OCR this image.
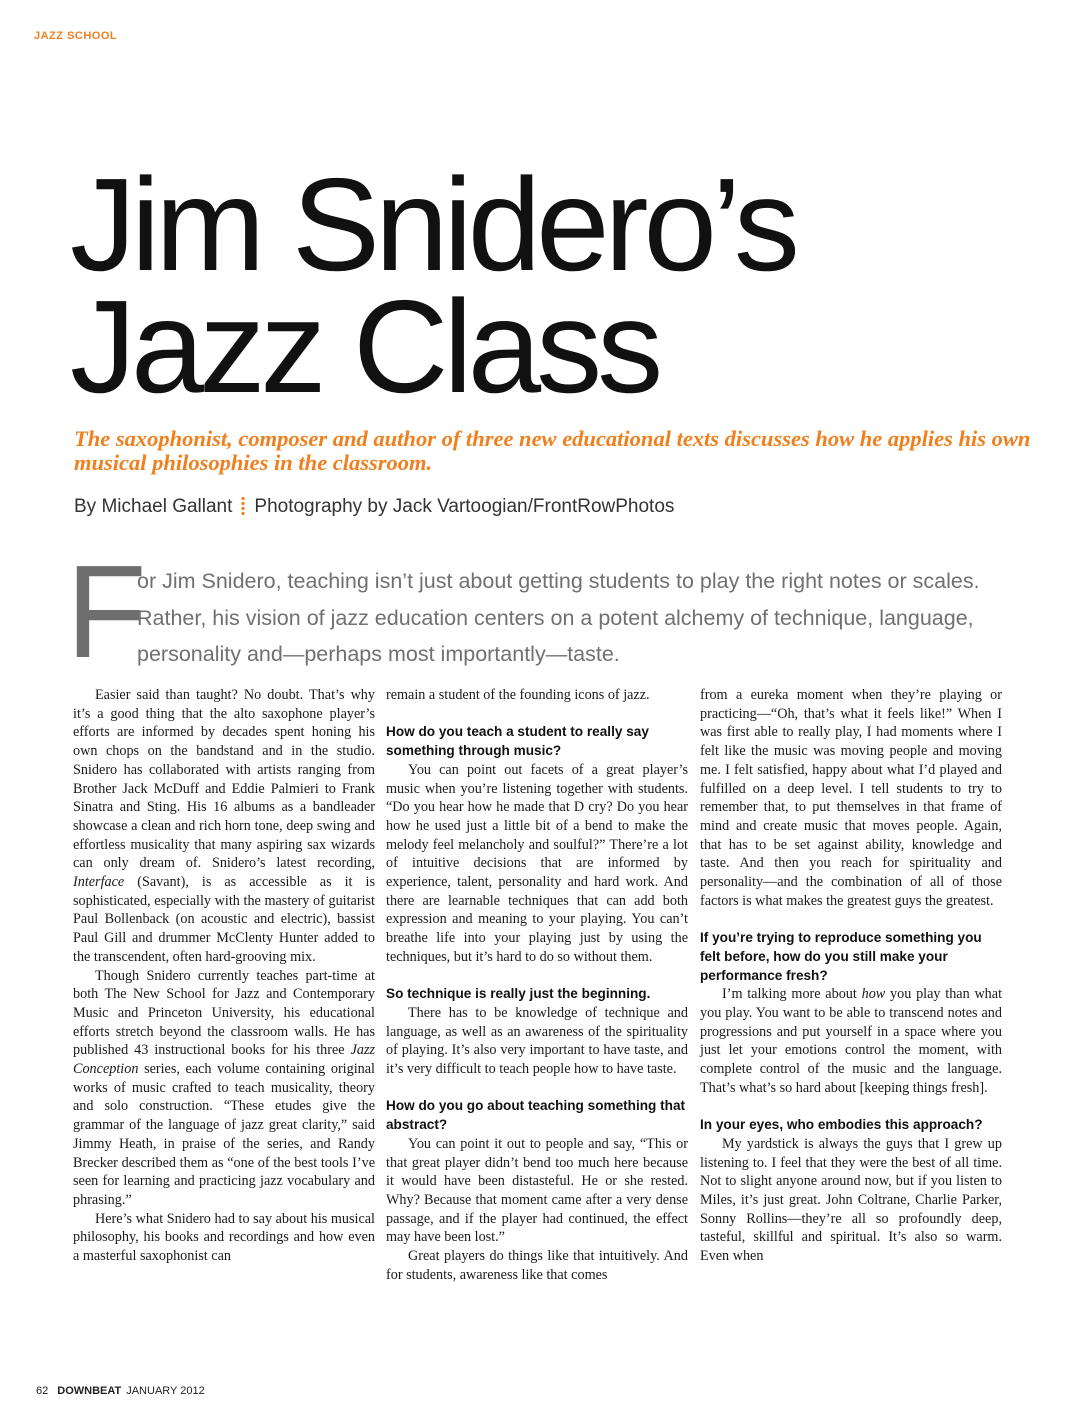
JAZZ SCHOOL
Jim Snidero’s
Jazz Class

The saxophonist, composer and author of three new educational texts discusses how he applies his own musical philosophies in the classroom.

By Michael Gallant Photography by Jack Vartoogian/FrontRowPhotos
F

or Jim Snidero, teaching isn’t just about getting students to play the right notes or scales. Rather, his vision of jazz education centers on a potent alchemy of technique, language, personality and—perhaps most importantly—taste.

Easier said than taught? No doubt. That’s why it’s a good thing that the alto saxophone player’s efforts are informed by decades spent honing his own chops on the bandstand and in the studio. Snidero has collaborated with artists ranging from Brother Jack McDuff and Eddie Palmieri to Frank Sinatra and Sting. His 16 albums as a bandleader showcase a clean and rich horn tone, deep swing and effortless musicality that many aspiring sax wizards can only dream of. Snidero’s latest recording, Interface (Savant), is as accessible as it is sophisticated, especially with the mastery of guitarist Paul Bollenback (on acoustic and electric), bassist Paul Gill and drummer McClenty Hunter added to the transcendent, often hard-grooving mix.

Though Snidero currently teaches part-time at both The New School for Jazz and Contemporary Music and Princeton University, his educational efforts stretch beyond the classroom walls. He has published 43 instructional books for his three Jazz Conception series, each volume containing original works of music crafted to teach musicality, theory and solo construction. “These etudes give the grammar of the language of jazz great clarity,” said Jimmy Heath, in praise of the series, and Randy Brecker described them as “one of the best tools I’ve seen for learning and practicing jazz vocabulary and phrasing.”

Here’s what Snidero had to say about his musical philosophy, his books and recordings and how even a masterful saxophonist can

remain a student of the founding icons of jazz.

How do you teach a student to really say something through music?

You can point out facets of a great player’s music when you’re listening together with students. “Do you hear how he made that D cry? Do you hear how he used just a little bit of a bend to make the melody feel melancholy and soulful?” There’re a lot of intuitive decisions that are informed by experience, talent, personality and hard work. And there are learnable techniques that can add both expression and meaning to your playing. You can’t breathe life into your playing just by using the techniques, but it’s hard to do so without them.

So technique is really just the beginning.

There has to be knowledge of technique and language, as well as an awareness of the spirituality of playing. It’s also very important to have taste, and it’s very difficult to teach people how to have taste.

How do you go about teaching something that abstract?

You can point it out to people and say, “This or that great player didn’t bend too much here because it would have been distasteful. He or she rested. Why? Because that moment came after a very dense passage, and if the player had continued, the effect may have been lost.”

Great players do things like that intuitively. And for students, awareness like that comes

from a eureka moment when they’re playing or practicing—“Oh, that’s what it feels like!” When I was first able to really play, I had moments where I felt like the music was moving people and moving me. I felt satisfied, happy about what I’d played and fulfilled on a deep level. I tell students to try to remember that, to put themselves in that frame of mind and create music that moves people. Again, that has to be set against ability, knowledge and taste. And then you reach for spirituality and personality—and the combination of all of those factors is what makes the greatest guys the greatest.

If you’re trying to reproduce something you felt before, how do you still make your performance fresh?

I’m talking more about how you play than what you play. You want to be able to transcend notes and progressions and put yourself in a space where you just let your emotions control the moment, with complete control of the music and the language. That’s what’s so hard about [keeping things fresh].

In your eyes, who embodies this approach?

My yardstick is always the guys that I grew up listening to. I feel that they were the best of all time. Not to slight anyone around now, but if you listen to Miles, it’s just great. John Coltrane, Charlie Parker, Sonny Rollins—they’re all so profoundly deep, tasteful, skillful and spiritual. It’s also so warm. Even when

62 DOWNBEAT JANUARY 2012
